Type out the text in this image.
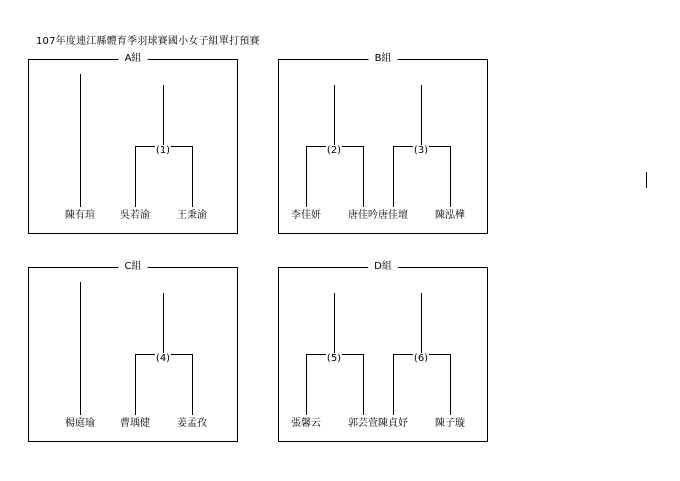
107年度連江縣體育季羽球賽國小女子組單打預賽
A組
(1)
陳有瑄	吳若渝	王秉渝
B組
(2)	(3)
李佳妍	唐佳吟 唐佳壇	陳泓樺
C組
(4)
楊庭瑜	曹瑀健	姜孟孜
D組
(5)	(6)
張馨云	郭芸萱 陳貞妤	陳子璇
